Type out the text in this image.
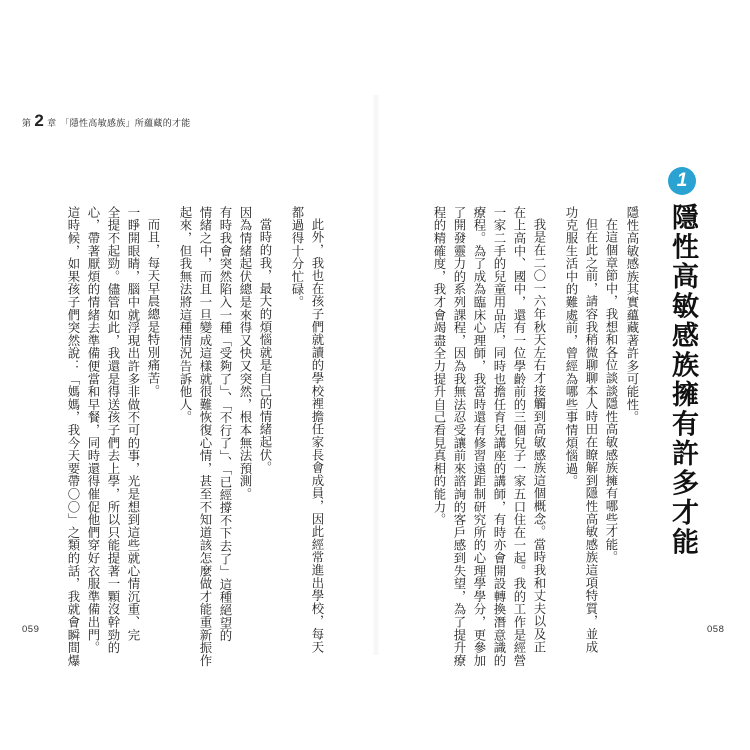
第 2 章 「隱性高敏感族」所蘊藏的才能
1
隱性高敏感族擁有許多才能
隱性高敏感族其實蘊藏著許多可能性。
在這個章節中，我想和各位談談隱性高敏感族擁有哪些才能。
但在此之前，請容我稍微聊聊本人時田在瞭解到隱性高敏感族這項特質，並成
功克服生活中的難處前，曾經為哪些事情煩惱過。
我是在二〇一六年秋天左右才接觸到高敏感族這個概念。當時我和丈夫以及正
在上高中、國中，還有一位學齡前的三個兒子一家五口住在一起。我的工作是經營
一家二手的兒童用品店，同時也擔任育兒講座的講師，有時亦會開設轉換潛意識的
療程。為了成為臨床心理師，我當時還有修習遠距制研究所的心理學學分，更參加
了開發靈力的系列課程，因為我無法忍受讓前來諮詢的客戶感到失望，為了提升療
程的精確度，我才會竭盡全力提升自己看見真相的能力。
此外，我也在孩子們就讀的學校裡擔任家長會成員，因此經常進出學校，每天
都過得十分忙碌。
當時的我，最大的煩惱就是自己的情緒起伏。
因為情緒起伏總是來得又快又突然，根本無法預測。
有時我會突然陷入一種「受夠了」、「不行了」、「已經撐不下去了」這種絕望的
情緒之中，而且一旦變成這樣就很難恢復心情，甚至不知道該怎麼做才能重新振作
起來，但我無法將這種情況告訴他人。
而且，每天早晨總是特別痛苦。
一睜開眼睛，腦中就浮現出許多非做不可的事，光是想到這些就心情沉重、完
全提不起勁。儘管如此，我還是得送孩子們去上學，所以只能提著一顆沒幹勁的
心，帶著厭煩的情緒去準備便當和早餐，同時還得催促他們穿好衣服準備出門。
這時候，如果孩子們突然說：「媽媽，我今天要帶〇〇」之類的話，我就會瞬間爆
059	058
